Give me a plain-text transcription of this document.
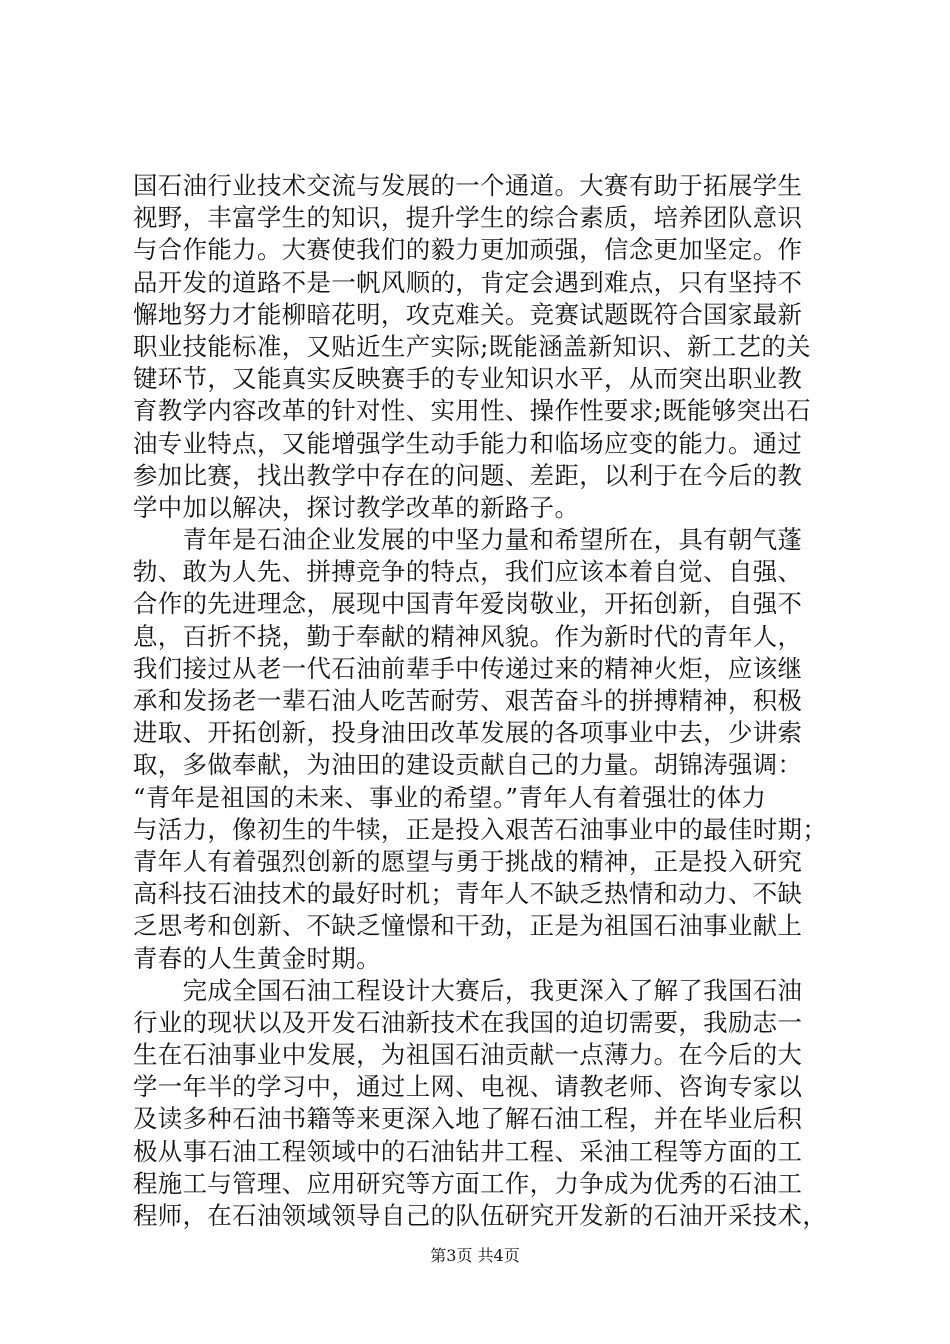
国石油行业技术交流与发展的一个通道。大赛有助于拓展学生
视野，丰富学生的知识，提升学生的综合素质，培养团队意识
与合作能力。大赛使我们的毅力更加顽强，信念更加坚定。作
品开发的道路不是一帆风顺的，肯定会遇到难点，只有坚持不
懈地努力才能柳暗花明，攻克难关。竞赛试题既符合国家最新
职业技能标准，又贴近生产实际;既能涵盖新知识、新工艺的关
键环节，又能真实反映赛手的专业知识水平，从而突出职业教
育教学内容改革的针对性、实用性、操作性要求;既能够突出石
油专业特点，又能增强学生动手能力和临场应变的能力。通过
参加比赛，找出教学中存在的问题、差距，以利于在今后的教
学中加以解决，探讨教学改革的新路子。
　　青年是石油企业发展的中坚力量和希望所在，具有朝气蓬
勃、敢为人先、拼搏竞争的特点，我们应该本着自觉、自强、
合作的先进理念，展现中国青年爱岗敬业，开拓创新，自强不
息，百折不挠，勤于奉献的精神风貌。作为新时代的青年人，
我们接过从老一代石油前辈手中传递过来的精神火炬，应该继
承和发扬老一辈石油人吃苦耐劳、艰苦奋斗的拼搏精神，积极
进取、开拓创新，投身油田改革发展的各项事业中去，少讲索
取，多做奉献，为油田的建设贡献自己的力量。胡锦涛强调：
“青年是祖国的未来、事业的希望。”青年人有着强壮的体力
与活力，像初生的牛犊，正是投入艰苦石油事业中的最佳时期；
青年人有着强烈创新的愿望与勇于挑战的精神，正是投入研究
高科技石油技术的最好时机；青年人不缺乏热情和动力、不缺
乏思考和创新、不缺乏憧憬和干劲，正是为祖国石油事业献上
青春的人生黄金时期。
　　完成全国石油工程设计大赛后，我更深入了解了我国石油
行业的现状以及开发石油新技术在我国的迫切需要，我励志一
生在石油事业中发展，为祖国石油贡献一点薄力。在今后的大
学一年半的学习中，通过上网、电视、请教老师、咨询专家以
及读多种石油书籍等来更深入地了解石油工程，并在毕业后积
极从事石油工程领域中的石油钻井工程、采油工程等方面的工
程施工与管理、应用研究等方面工作，力争成为优秀的石油工
程师，在石油领域领导自己的队伍研究开发新的石油开采技术，
第3页 共4页
